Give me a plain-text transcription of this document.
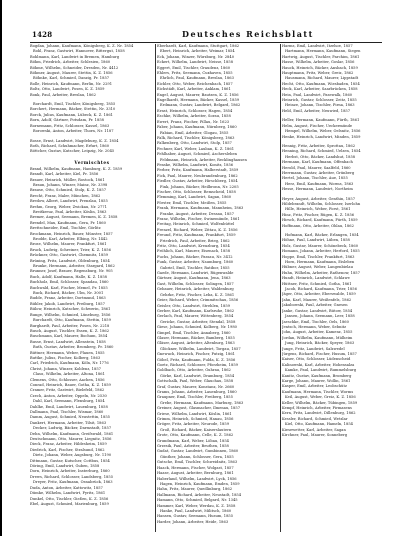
1428	Deutsches Reichsblatt
Bogdan, Johann, Kaufmann, Königsberg, K. Z. Nr. 1854
Bohl, Franz, Gastwirt, Hannover, Rittergut, 1858
Bohlmann, Karl, Landwirt in Bremen, Hamburg
Böhm, Friedrich, Arbeiter, Schlesien, 1860
Böhme, Wilhelm, Schneider, Dresden, Nr. 4412
Böhmer, August, Maurer, Stettin, K. Z. 1856
Böhnke, Karl, Schmied, Danzig, Pr. 1857
Bolle, Heinrich, Kaufmann, Berlin, Nr. 2291
Boltz, Otto, Landwirt, Posen, K. Z. 1859
Bonk, Paul, Arbeiter, Breslau, 1862
Borchardt, Emil, Tischler, Königsberg, 1855
Borchert, Hermann, Bäcker, Stettin, Nr. 3310
Borck, Julius, Kaufmann, Lübeck, K. Z. 1861
Born, Adolf, Gärtner, Potsdam, Pr. 1858
Bornemann, Fritz, Schlosser, Kassel, 1863
Borowski, Anton, Arbeiter, Thorn, Nr. 1187
Bosse, Ernst, Landwirt, Magdeburg, K. Z. 1854
Both, Richard, Schuhmacher, Erfurt, 1860
Böttcher, Gustav, Kutscher, Leipzig, Nr. 2045
Vermischtes
Brand, Wilhelm, Kaufmann, Hamburg, K. Z. 1859
Brandt, Karl, Arbeiter, Kiel, Pr. 1856
Brauer, Heinrich, Müller, Rostock, 1861
Braun, Johann, Winzer, Mainz, Nr. 3398
Brause, Otto, Schmied, Stolp, K. Z. 1857
Brecht, Franz, Maler, München, 1862
Bredow, Albert, Landwirt, Prenzlau, 1855
Brehm, Georg, Weber, Zwickau, Nr. 2771
Breitkreuz, Paul, Arbeiter, Köslin, 1863
Bremer, August, Seemann, Bremen, K. Z. 1858
Brendel, Max, Kaufmann, Gera, Pr. 1860
Brettschneider, Emil, Tischler, Görlitz
Brockmann, Heinrich, Bauer, Münster, 1857
Brodde, Karl, Arbeiter, Elbing, Nr. 1442
Brose, Wilhelm, Maurer, Frankfurt, 1861
Bruch, Ludwig, Schreiner, Trier, K. Z. 1856
Brückner, Otto, Gastwirt, Chemnitz, 1859
Brüning, Fritz, Landwirt, Oldenburg, 1854
Brunke, Hermann, Arbeiter, Stargard, 1862
Brunner, Josef, Brauer, Regensburg, Nr. 905
Buch, Adolf, Kaufmann, Halle, K. Z. 1858
Buchholz, Emil, Schlosser, Spandau, 1860
Buchwald, Karl, Fischer, Memel, Pr. 1855
Buck, Richard, Bäcker, Ulm, Nr. 3001
Budde, Franz, Arbeiter, Dortmund, 1863
Bühler, Jakob, Landwirt, Freiburg, 1857
Bülow, Heinrich, Kutscher, Schwerin, 1861
Bunge, Wilhelm, Schmied, Lüneburg, 1856
Burchardt, Otto, Kaufmann, Stettin, 1859
Burghardt, Paul, Arbeiter, Posen, Nr. 2218
Busch, August, Tischler, Essen, K. Z. 1862
Buschmann, Karl, Maurer, Bochum, 1854
Busse, Ernst, Landwirt, Allenstein, 1858
Buth, Gustav, Arbeiter, Bromberg, Pr. 1860
Büttner, Hermann, Weber, Plauen, 1855
Buttke, Julius, Fischer, Kolberg, 1863
Carl, Friedrich, Kaufmann, Köln, Nr. 1776
Christ, Johann, Winzer, Koblenz, 1857
Claus, Wilhelm, Arbeiter, Altona, 1861
Clemens, Otto, Schlosser, Aachen, 1856
Conrad, Heinrich, Bauer, Gotha, K. Z. 1859
Cramer, Fritz, Gastwirt, Bielefeld, 1862
Czech, Anton, Arbeiter, Oppeln, Nr. 2530
Dahl, Karl, Seemann, Flensburg, 1854
Dahlke, Emil, Landwirt, Lauenburg, 1858
Dallmann, Paul, Tischler, Wismar, 1860
Damm, August, Schmied, Neustettin, 1855
Dankert, Hermann, Arbeiter, Tilsit, 1863
Decker, Ludwig, Bäcker, Darmstadt, 1857
Dehn, Wilhelm, Kaufmann, Greifswald, 1861
Deutschmann, Otto, Maurer, Liegnitz, 1856
Dieck, Franz, Arbeiter, Hildesheim, 1859
Diedrich, Karl, Fischer, Stralsund, 1862
Dietz, Johann, Weber, Augsburg, Nr. 1190
Dittmann, Gustav, Kutscher, Cottbus, 1854
Döring, Emil, Landwirt, Guben, 1858
Dorn, Heinrich, Arbeiter, Insterburg, 1860
Drews, Richard, Schlosser, Landsberg, 1855
Dreyer, Fritz, Kaufmann, Osnabrück, 1863
Duda, Anton, Arbeiter, Kattowitz, 1857
Dümke, Wilhelm, Landwirt, Pyritz, 1861
Dunkel, Otto, Tischler, Gießen, K. Z. 1856
Ebel, August, Schmied, Marienburg, 1859
Eberhardt, Karl, Kaufmann, Stuttgart, 1862
Ebert, Heinrich, Arbeiter, Weimar, 1854
Eck, Johann, Winzer, Würzburg, Nr. 2840
Eckert, Wilhelm, Landwirt, Neisse, 1858
Eggert, Emil, Tischler, Graudenz, 1860
Ehlers, Fritz, Seemann, Cuxhaven, 1855
Ehrlich, Paul, Kaufmann, Breslau, 1863
Eichler, Otto, Weber, Reichenbach, 1857
Eichstädt, Karl, Arbeiter, Anklam, 1861
Engel, August, Maurer, Bautzen, K. Z. 1856
Engelhardt, Hermann, Bäcker, Kassel, 1859
Erdmann, Gustav, Landwirt, Belgard, 1862
Ernst, Heinrich, Schlosser, Hagen, 1854
Eschke, Wilhelm, Arbeiter, Sorau, 1858
Ewert, Franz, Fischer, Pillau, Nr. 1623
Faber, Johann, Kaufmann, Nürnberg, 1860
Fabian, Emil, Arbeiter, Glogau, 1855
Falk, Richard, Tischler, Königsberg, 1863
Falkenberg, Otto, Landwirt, Stolp, 1857
Fechner, Karl, Weber, Lauban, K. Z. 1861
Fehlhaber, August, Schmied, Aschersleben
Feldmann, Heinrich, Arbeiter, Recklinghausen
Fenske, Wilhelm, Landwirt, Konitz, 1856
Ferber, Fritz, Kaufmann, Halberstadt, 1859
Fick, Paul, Maurer, Neubrandenburg, 1862
Fiedler, Gustav, Arbeiter, Hirschberg, 1854
Fink, Johann, Bäcker, Heilbronn, Nr. 2205
Fischer, Otto, Schlosser, Remscheid, 1858
Flemming, Karl, Landwirt, Sagan, 1860
Förster, Emil, Tischler, Meißen, 1855
Frank, Hermann, Kaufmann, Mannheim, 1863
Franke, August, Arbeiter, Dessau, 1857
Franz, Wilhelm, Fischer, Swinemünde, 1861
Freitag, Heinrich, Schmied, Wolfenbüttel
Frenzel, Richard, Weber, Zittau, K. Z. 1856
Freund, Fritz, Kaufmann, Frankfurt, 1859
Friedrich, Paul, Arbeiter, Brieg, 1862
Fritz, Otto, Landwirt, Kreuzburg, 1854
Fröhlich, Karl, Maurer, Eisenach, 1858
Fuchs, Johann, Bäcker, Passau, Nr. 3412
Funk, Gustav, Arbeiter, Naumburg, 1860
Gabriel, Emil, Tischler, Ratibor, 1855
Gaede, Hermann, Landwirt, Rügenwalde
Gärtner, August, Kaufmann, Jena, 1863
Gast, Wilhelm, Schlosser, Solingen, 1857
Gebauer, Heinrich, Arbeiter, Waldenburg
Gehrke, Fritz, Fischer, Leba, K. Z. 1861
Geier, Richard, Weber, Crimmitschau, 1856
Geisler, Otto, Landwirt, Strehlen, 1859
Gerber, Karl, Kaufmann, Karlsruhe, 1862
Gerlach, Paul, Maurer, Wittenberg, 1854
Gericke, Gustav, Arbeiter, Stendal, 1858
Giese, Johann, Schmied, Kolberg, Nr. 1980
Gimpel, Emil, Tischler, Annaberg, 1860
Glaser, Hermann, Bäcker, Bamberg, 1855
Gläser, August, Arbeiter, Altenburg, 1863
Glöckner, Wilhelm, Landwirt, Torgau, 1857
Gnewuch, Heinrich, Fischer, Putzig, 1861
Göbel, Fritz, Kaufmann, Fulda, K. Z. 1856
Goetz, Richard, Schlosser, Pforzheim, 1859
Goldbach, Otto, Arbeiter, Guhrau, 1862
Görke, Karl, Landwirt, Dramburg, 1854
Gottschalk, Paul, Weber, Glauchau, 1858
Graf, Gustav, Maurer, Konstanz, Nr. 2660
Grams, Johann, Arbeiter, Lauenburg, 1860
Graupner, Emil, Tischler, Freiberg, 1855
Grebe, Hermann, Kaufmann, Marburg, 1863
Greiner, August, Glasmacher, Ilmenau, 1857
Griese, Wilhelm, Landwirt, Köslin, 1861
Grimm, Heinrich, Schmied, Hanau, 1856
Gröger, Fritz, Arbeiter, Neurode, 1859
Groß, Richard, Bäcker, Kaiserslautern
Grote, Otto, Kaufmann, Celle, K. Z. 1862
Grundmann, Karl, Weber, Löbau, 1854
Grzesik, Paul, Arbeiter, Beuthen, 1858
Gudat, Gustav, Landwirt, Gumbinnen, 1860
Günther, Johann, Schlosser, Gera, 1855
Gutsche, Emil, Tischler, Schweidnitz, 1863
Haack, Hermann, Fischer, Wolgast, 1857
Haase, August, Arbeiter, Bernburg, 1861
Haberland, Wilhelm, Landwirt, Lyck, 1856
Hagen, Heinrich, Kaufmann, Emden, 1859
Hahn, Fritz, Maurer, Quedlinburg, 1862
Hallmann, Richard, Arbeiter, Neustadt, 1854
Hamann, Otto, Schmied, Belgard, Nr. 1345
Hammer, Karl, Weber, Werdau, K. Z. 1858
Hanke, Paul, Landwirt, Militsch, 1860
Hansen, Gustav, Seemann, Husum, 1855
Harder, Johann, Arbeiter, Heide, 1863
Harms, Emil, Landwirt, Itzehoe, 1857
Hartmann, Hermann, Kaufmann, Siegen
Hartwig, August, Tischler, Parchim, 1861
Hasse, Wilhelm, Arbeiter, Goslar, 1856
Hauck, Heinrich, Bäcker, Ansbach, 1859
Hauptmann, Fritz, Weber, Greiz, 1862
Hausmann, Richard, Maurer, Lippstadt
Hecht, Otto, Kaufmann, Wiesbaden, 1854
Heck, Karl, Arbeiter, Saarbrücken, 1858
Hein, Paul, Landwirt, Pasewalk, 1860
Heinrich, Gustav, Schlosser, Zeitz, 1855
Heinze, Johann, Tischler, Pirna, 1863
Held, Emil, Arbeiter, Neuwied, 1857
Heller, Hermann, Kaufmann, Fürth, 1861
Helm, August, Fischer, Ueckermünde
Hempel, Wilhelm, Weber, Oelsnitz, 1856
Henke, Heinrich, Landwirt, Minden, 1859
Hennig, Fritz, Arbeiter, Sprottau, 1862
Henning, Richard, Schmied, Uelzen, 1854
Herbst, Otto, Bäcker, Landshut, 1858
Hermann, Karl, Kaufmann, Offenbach
Herold, Paul, Maurer, Saalfeld, 1860
Herrmann, Gustav, Arbeiter, Grünberg
Hertel, Johann, Tischler, Aue, 1855
Herz, Emil, Kaufmann, Worms, 1863
Hesse, Hermann, Landwirt, Northeim
Heyer, August, Arbeiter, Genthin, 1857
Hildebrandt, Wilhelm, Schlosser, Iserlohn
Hille, Heinrich, Weber, Forst, 1861
Hinz, Fritz, Fischer, Rügen, K. Z. 1856
Hirsch, Richard, Kaufmann, Fürth, 1859
Hoffmann, Otto, Arbeiter, Ohlau, 1862
Hofmann, Karl, Bäcker, Erlangen, 1854
Höhne, Paul, Landwirt, Lüben, 1858
Holz, Gustav, Maurer, Schönebeck, 1860
Homann, Johann, Arbeiter, Herford, 1855
Hoppe, Emil, Tischler, Frankfurt, 1863
Horn, Hermann, Kaufmann, Eisleben
Hübner, August, Weber, Langenbielau
Huhn, Wilhelm, Arbeiter, Rathenow, 1857
Hundt, Heinrich, Landwirt, Schlawe
Hüttner, Fritz, Schmied, Gotha, 1861
Jacob, Richard, Kaufmann, Trier, 1856
Jäger, Otto, Arbeiter, Eberswalde, 1859
Jahn, Karl, Maurer, Weißenfels, 1862
Jakubowski, Paul, Arbeiter, Gnesen
Janke, Gustav, Landwirt, Bütow, 1854
Jansen, Johann, Seemann, Leer, 1858
Jaeschke, Emil, Tischler, Oels, 1860
Jentsch, Hermann, Weber, Sebnitz
John, August, Arbeiter, Kamenz, 1855
Jordan, Wilhelm, Kaufmann, Mülheim
Jung, Heinrich, Bäcker, Speyer, 1863
Junge, Fritz, Landwirt, Salzwedel
Jürgens, Richard, Fischer, Husum, 1857
Kaiser, Otto, Schlosser, Lüdenscheid
Kalinowski, Karl, Arbeiter, Hohensalza
Kamke, Paul, Landwirt, Rummelsburg
Kanitz, Gustav, Kaufmann, Bromberg
Karge, Johann, Maurer, Wollin, 1861
Kasper, Emil, Arbeiter, Leobschütz
Kaufmann, Hermann, Tischler, Worms
Keil, August, Weber, Greiz, K. Z. 1856
Keller, Wilhelm, Bäcker, Tübingen, 1859
Kempf, Heinrich, Arbeiter, Pirmasens
Kern, Fritz, Landwirt, Dillenburg, 1862
Kessler, Richard, Schmied, Wetzlar
Kiel, Otto, Kaufmann, Hameln, 1854
Kiesewetter, Karl, Arbeiter, Sagan
Kirchner, Paul, Maurer, Sonneberg
